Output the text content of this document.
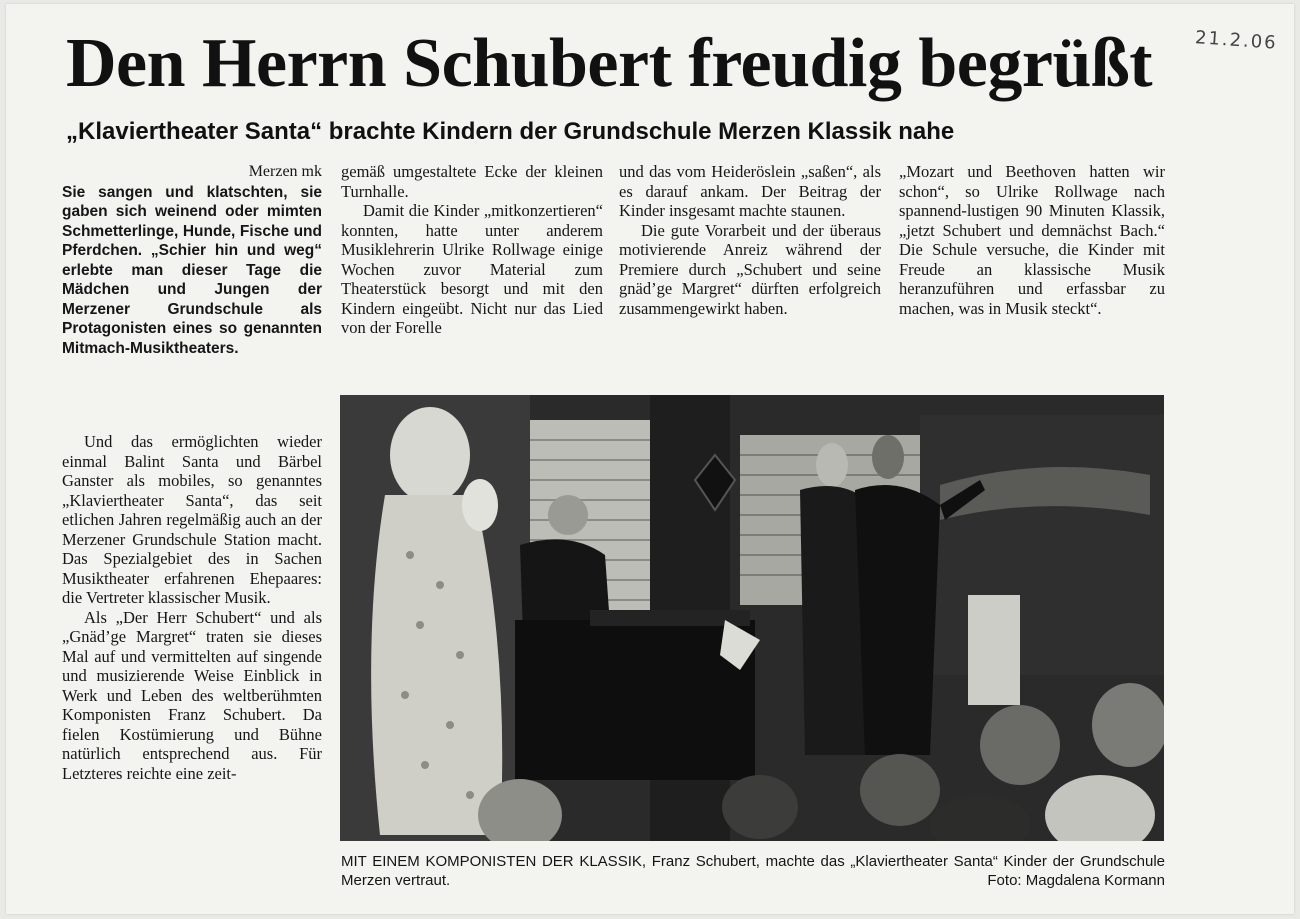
Den Herrn Schubert freudig begrüßt	21.2.06
„Klaviertheater Santa“ brachte Kindern der Grundschule Merzen Klassik nahe
Merzen mk
Sie sangen und klatschten, sie gaben sich weinend oder mimten Schmetterlinge, Hunde, Fische und Pferdchen. „Schier hin und weg“ erlebte man dieser Tage die Mädchen und Jungen der Merzener Grundschule als Protagonisten eines so genannten Mitmach-Musiktheaters.

Und das ermöglichten wieder einmal Balint Santa und Bärbel Ganster als mobiles, so genanntes „Klaviertheater Santa“, das seit etlichen Jahren regelmäßig auch an der Merzener Grundschule Station macht. Das Spezialgebiet des in Sachen Musiktheater erfahrenen Ehepaares: die Vertreter klassischer Musik.

Als „Der Herr Schubert“ und als „Gnäd’ge Margret“ traten sie dieses Mal auf und vermittelten auf singende und musizierende Weise Einblick in Werk und Leben des weltberühmten Komponisten Franz Schubert. Da fielen Kostümierung und Bühne natürlich entsprechend aus. Für Letzteres reichte eine zeit-

gemäß umgestaltete Ecke der kleinen Turnhalle.

Damit die Kinder „mitkonzertieren“ konnten, hatte unter anderem Musiklehrerin Ulrike Rollwage einige Wochen zuvor Material zum Theaterstück besorgt und mit den Kindern eingeübt. Nicht nur das Lied von der Forelle

und das vom Heideröslein „saßen“, als es darauf ankam. Der Beitrag der Kinder insgesamt machte staunen.

Die gute Vorarbeit und der überaus motivierende Anreiz während der Premiere durch „Schubert und seine gnäd’ge Margret“ dürften erfolgreich zusammengewirkt haben.

„Mozart und Beethoven hatten wir schon“, so Ulrike Rollwage nach spannend-lustigen 90 Minuten Klassik, „jetzt Schubert und demnächst Bach.“ Die Schule versuche, die Kinder mit Freude an klassische Musik heranzuführen und erfassbar zu machen, was in Musik steckt“.

MIT EINEM KOMPONISTEN DER KLASSIK, Franz Schubert, machte das „Klaviertheater Santa“ Kinder der Grundschule Merzen vertraut.	Foto: Magdalena Kormann
